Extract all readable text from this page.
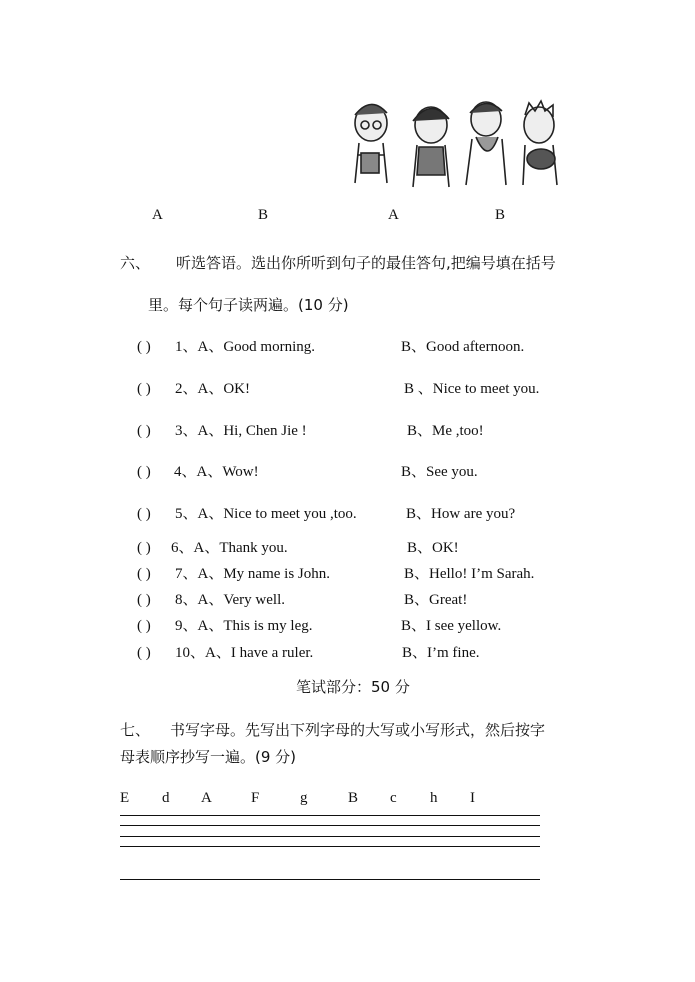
A	B	A	B
六、 听选答语。选出你所听到句子的最佳答句,把编号填在括号
里。每个句子读两遍。(10 分)
( ) 1、A、Good morning.	B、Good afternoon.
( ) 2、A、OK!	B 、Nice to meet you.
( ) 3、A、Hi, Chen Jie !	B、Me ,too!
( ) 4、A、Wow!	B、See you.
( ) 5、A、Nice to meet you ,too.	B、How are you?
( ) 6、A、Thank you.	B、OK!
( ) 7、A、My name is John.	B、Hello! I’m Sarah.
( ) 8、A、Very well.	B、Great!
( ) 9、A、This is my leg.	B、I see yellow.
( ) 10、A、I have a ruler.	B、I’m fine.
笔试部分：50 分
七、 书写字母。先写出下列字母的大写或小写形式，然后按字
母表顺序抄写一遍。(9 分)
E d A	F	g	B c h I
